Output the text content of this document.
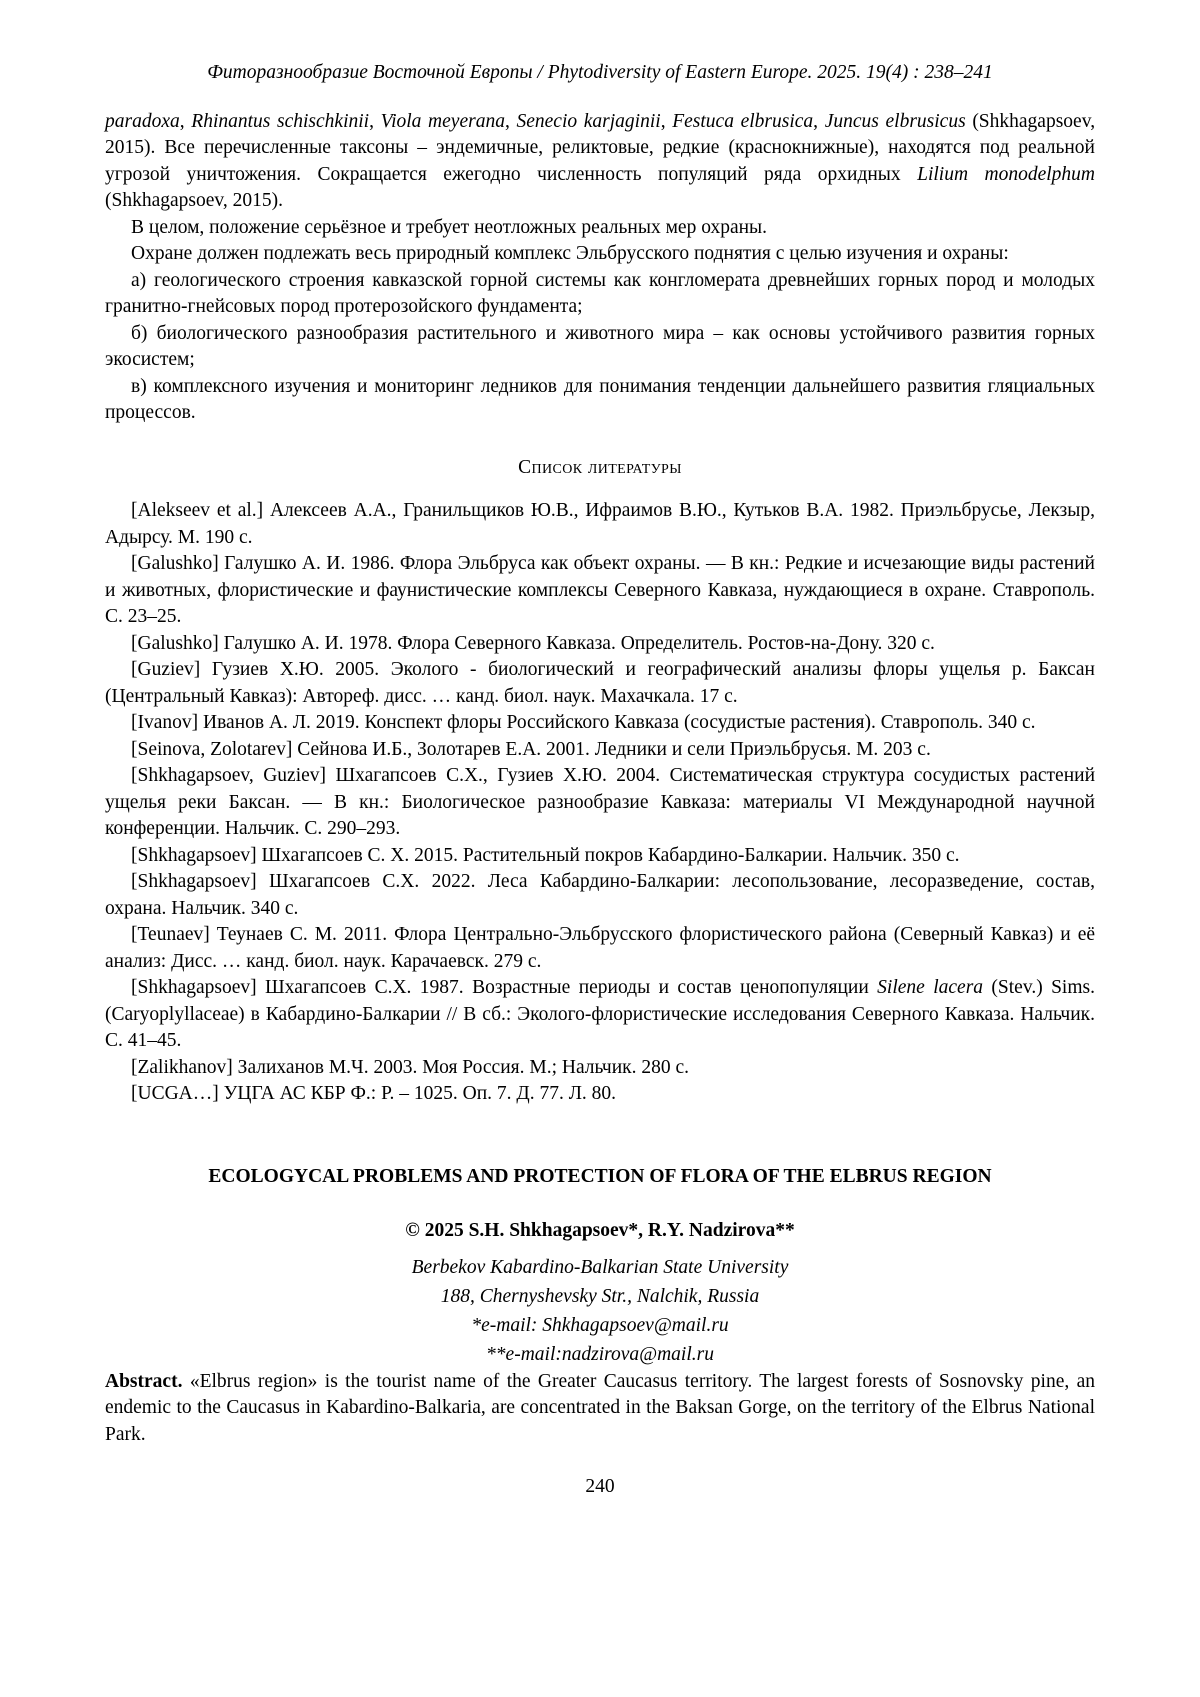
Фиторазнообразие Восточной Европы / Phytodiversity of Eastern Europe. 2025. 19(4) : 238–241

paradoxa, Rhinantus schischkinii, Viola meyerana, Senecio karjaginii, Festuca elbrusica, Juncus elbrusicus (Shkhagapsoev, 2015). Все перечисленные таксоны – эндемичные, реликтовые, редкие (краснокнижные), находятся под реальной угрозой уничтожения. Сокращается ежегодно численность популяций ряда орхидных Lilium monodelphum (Shkhagapsoev, 2015).

В целом, положение серьёзное и требует неотложных реальных мер охраны.

Охране должен подлежать весь природный комплекс Эльбрусского поднятия с целью изучения и охраны:

а) геологического строения кавказской горной системы как конгломерата древнейших горных пород и молодых гранитно-гнейсовых пород протерозойского фундамента;

б) биологического разнообразия растительного и животного мира – как основы устойчивого развития горных экосистем;

в) комплексного изучения и мониторинг ледников для понимания тенденции дальнейшего развития гляциальных процессов.

Список литературы

[Alekseev et al.] Алексеев А.А., Гранильщиков Ю.В., Ифраимов В.Ю., Кутьков В.А. 1982. Приэльбрусье, Лекзыр, Адырсу. М. 190 с.

[Galushko] Галушко А. И. 1986. Флора Эльбруса как объект охраны. — В кн.: Редкие и исчезающие виды растений и животных, флористические и фаунистические комплексы Северного Кавказа, нуждающиеся в охране. Ставрополь. С. 23–25.

[Galushko] Галушко А. И. 1978. Флора Северного Кавказа. Определитель. Ростов-на-Дону. 320 с.

[Guziev] Гузиев Х.Ю. 2005. Эколого - биологический и географический анализы флоры ущелья р. Баксан (Центральный Кавказ): Автореф. дисс. … канд. биол. наук. Махачкала. 17 с.

[Ivanov] Иванов А. Л. 2019. Конспект флоры Российского Кавказа (сосудистые растения). Ставрополь. 340 с.

[Seinova, Zolotarev] Сейнова И.Б., Золотарев Е.А. 2001. Ледники и сели Приэльбрусья. М. 203 с.

[Shkhagapsoev, Guziev] Шхагапсоев С.Х., Гузиев Х.Ю. 2004. Систематическая структура сосудистых растений ущелья реки Баксан. — В кн.: Биологическое разнообразие Кавказа: материалы VI Международной научной конференции. Нальчик. С. 290–293.

[Shkhagapsoev] Шхагапсоев С. Х. 2015. Растительный покров Кабардино-Балкарии. Нальчик. 350 с.

[Shkhagapsoev] Шхагапсоев С.Х. 2022. Леса Кабардино-Балкарии: лесопользование, лесоразведение, состав, охрана. Нальчик. 340 с.

[Teunaev] Теунаев С. М. 2011. Флора Центрально-Эльбрусского флористического района (Северный Кавказ) и её анализ: Дисс. … канд. биол. наук. Карачаевск. 279 с.

[Shkhagapsoev] Шхагапсоев С.Х. 1987. Возрастные периоды и состав ценопопуляции Silene lacera (Stev.) Sims. (Caryoplyllaceae) в Кабардино-Балкарии // В сб.: Эколого-флористические исследования Северного Кавказа. Нальчик. С. 41–45.

[Zalikhanov] Залиханов М.Ч. 2003. Моя Россия. М.; Нальчик. 280 с.

[UCGA…] УЦГА АС КБР Ф.: Р. – 1025. Оп. 7. Д. 77. Л. 80.

ECOLOGYCAL PROBLEMS AND PROTECTION OF FLORA OF THE ELBRUS REGION
© 2025 S.H. Shkhagapsoev*, R.Y. Nadzirova**
Berbekov Kabardino-Balkarian State University
188, Chernyshevsky Str., Nalchik, Russia
*e-mail: Shkhagapsoev@mail.ru
**e-mail:nadzirova@mail.ru

Abstract. «Elbrus region» is the tourist name of the Greater Caucasus territory. The largest forests of Sosnovsky pine, an endemic to the Caucasus in Kabardino-Balkaria, are concentrated in the Baksan Gorge, on the territory of the Elbrus National Park.

240
